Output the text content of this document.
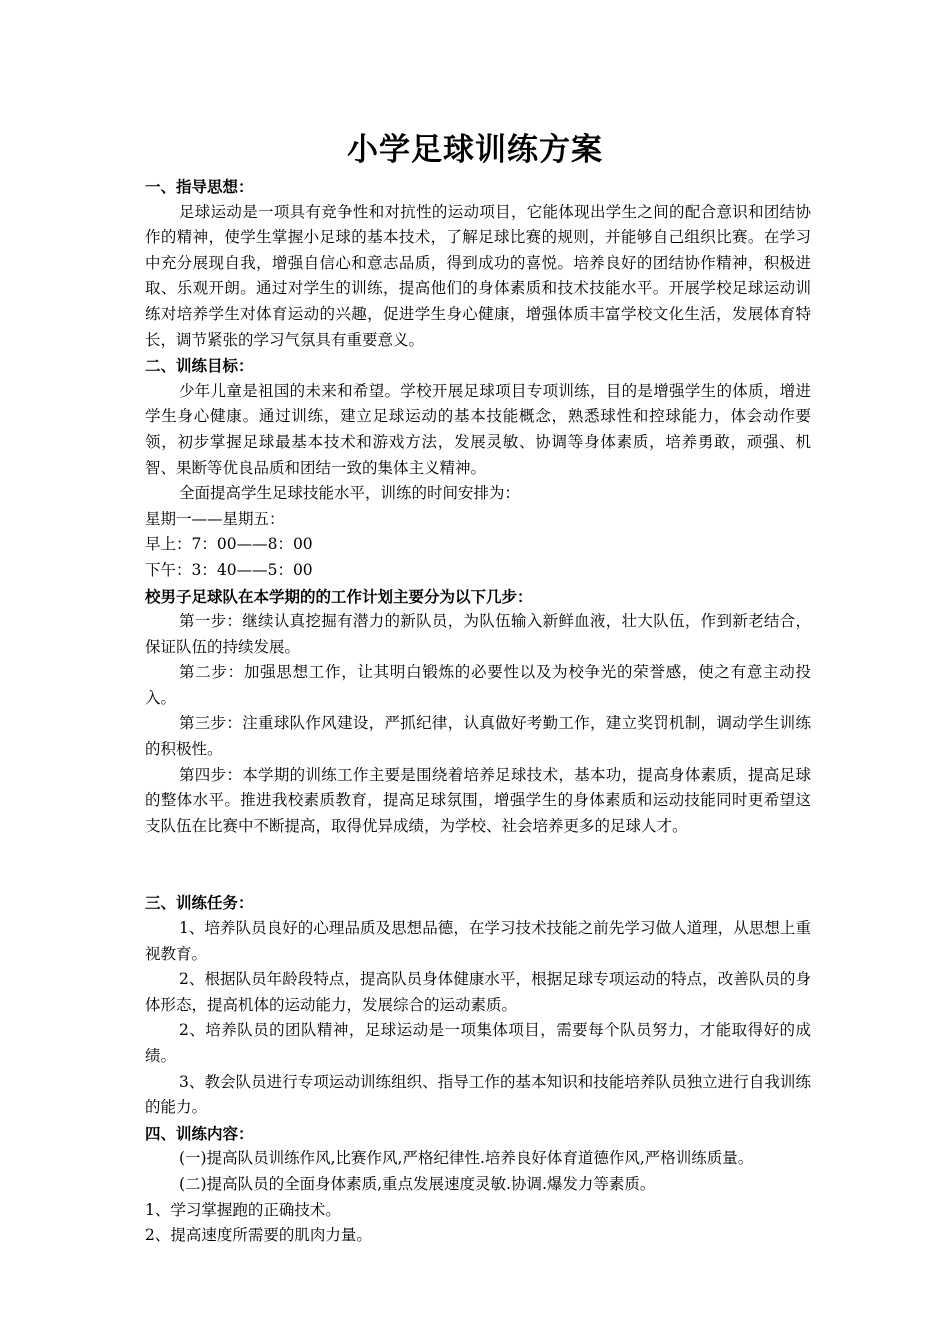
小学足球训练方案

一、指导思想：

足球运动是一项具有竞争性和对抗性的运动项目，它能体现出学生之间的配合意识和团结协作的精神，使学生掌握小足球的基本技术，了解足球比赛的规则，并能够自己组织比赛。在学习中充分展现自我，增强自信心和意志品质，得到成功的喜悦。培养良好的团结协作精神，积极进取、乐观开朗。通过对学生的训练，提高他们的身体素质和技术技能水平。开展学校足球运动训练对培养学生对体育运动的兴趣，促进学生身心健康，增强体质丰富学校文化生活，发展体育特长，调节紧张的学习气氛具有重要意义。

二、训练目标：

少年儿童是祖国的未来和希望。学校开展足球项目专项训练，目的是增强学生的体质，增进学生身心健康。通过训练，建立足球运动的基本技能概念，熟悉球性和控球能力，体会动作要领，初步掌握足球最基本技术和游戏方法，发展灵敏、协调等身体素质，培养勇敢，顽强、机智、果断等优良品质和团结一致的集体主义精神。

全面提高学生足球技能水平，训练的时间安排为：

星期一——星期五：

早上：7：00——8：00

下午：3：40——5：00

校男子足球队在本学期的的工作计划主要分为以下几步：

第一步：继续认真挖掘有潜力的新队员，为队伍输入新鲜血液，壮大队伍，作到新老结合，保证队伍的持续发展。

第二步：加强思想工作，让其明白锻炼的必要性以及为校争光的荣誉感，使之有意主动投入。

第三步：注重球队作风建设，严抓纪律，认真做好考勤工作，建立奖罚机制，调动学生训练的积极性。

第四步：本学期的训练工作主要是围绕着培养足球技术，基本功，提高身体素质，提高足球的整体水平。推进我校素质教育，提高足球氛围，增强学生的身体素质和运动技能同时更希望这支队伍在比赛中不断提高，取得优异成绩，为学校、社会培养更多的足球人才。

三、训练任务：

1、培养队员良好的心理品质及思想品德，在学习技术技能之前先学习做人道理，从思想上重视教育。

2、根据队员年龄段特点，提高队员身体健康水平，根据足球专项运动的特点，改善队员的身体形态，提高机体的运动能力，发展综合的运动素质。

2、培养队员的团队精神，足球运动是一项集体项目，需要每个队员努力，才能取得好的成绩。

3、教会队员进行专项运动训练组织、指导工作的基本知识和技能培养队员独立进行自我训练的能力。

四、训练内容：

(一)提高队员训练作风,比赛作风,严格纪律性.培养良好体育道德作风,严格训练质量。

(二)提高队员的全面身体素质,重点发展速度灵敏.协调.爆发力等素质。

1、学习掌握跑的正确技术。

2、提高速度所需要的肌肉力量。
